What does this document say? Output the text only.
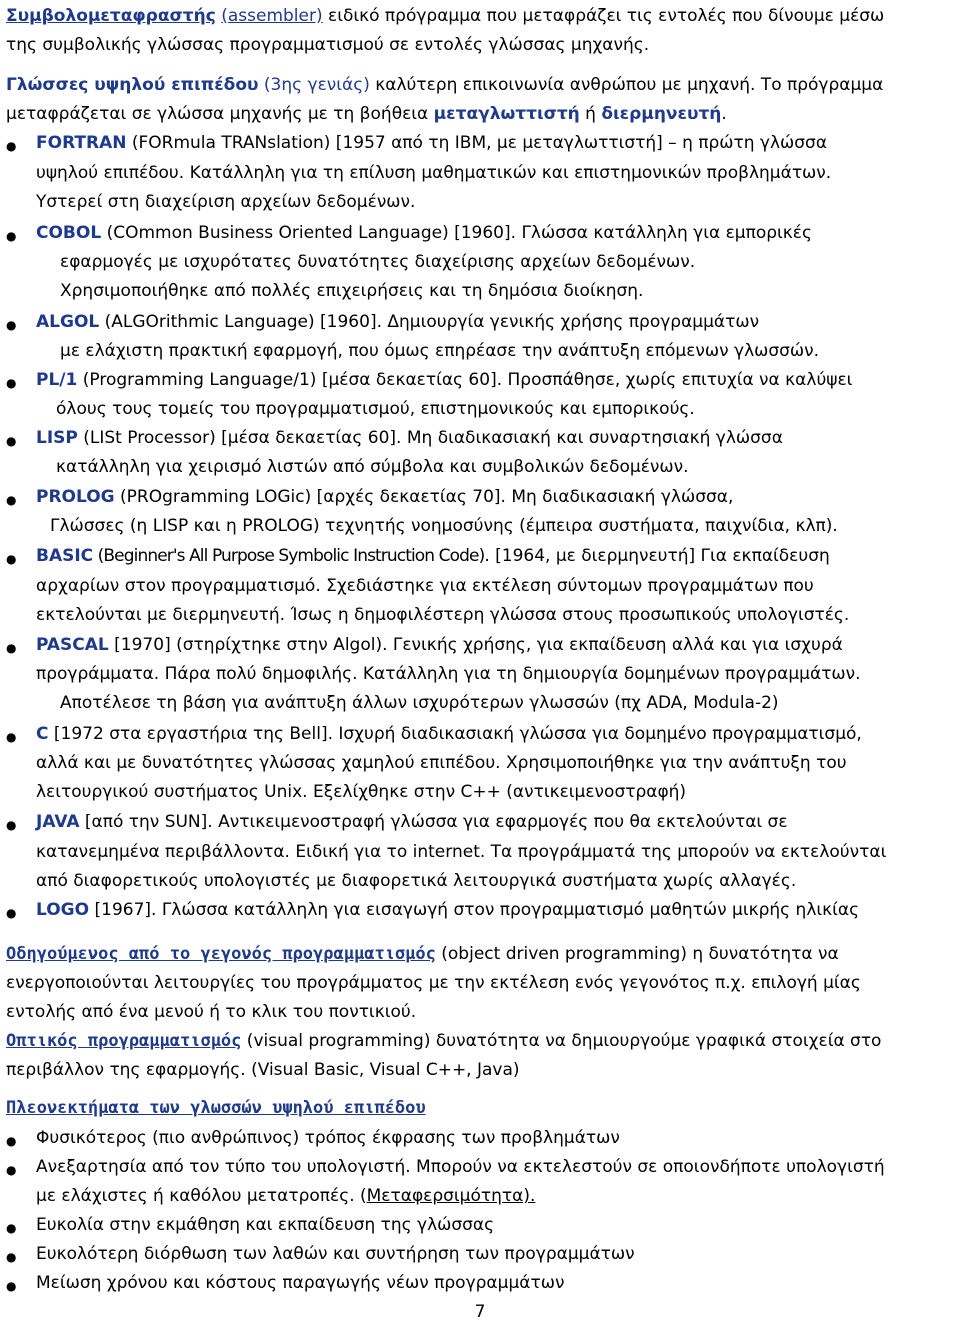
Συμβολομεταφραστής (assembler) ειδικό πρόγραμμα που μεταφράζει τις εντολές που δίνουμε μέσω
της συμβολικής γλώσσας προγραμματισμού σε εντολές γλώσσας μηχανής.
Γλώσσες υψηλού επιπέδου (3ης γενιάς) καλύτερη επικοινωνία ανθρώπου με μηχανή. Το πρόγραμμα
μεταφράζεται σε γλώσσα μηχανής με τη βοήθεια μεταγλωττιστή ή διερμηνευτή.
● FORTRAN (FORmula TRANslation) [1957 από τη IBM, με μεταγλωττιστή] – η πρώτη γλώσσα
υψηλού επιπέδου. Κατάλληλη για τη επίλυση μαθηματικών και επιστημονικών προβλημάτων.
Υστερεί στη διαχείριση αρχείων δεδομένων.
● COBOL (COmmon Business Oriented Language) [1960]. Γλώσσα κατάλληλη για εμπορικές
εφαρμογές με ισχυρότατες δυνατότητες διαχείρισης αρχείων δεδομένων.
Χρησιμοποιήθηκε από πολλές επιχειρήσεις και τη δημόσια διοίκηση.
● ALGOL (ALGOrithmic Language) [1960]. Δημιουργία γενικής χρήσης προγραμμάτων
με ελάχιστη πρακτική εφαρμογή, που όμως επηρέασε την ανάπτυξη επόμενων γλωσσών.
● PL/1 (Programming Language/1) [μέσα δεκαετίας 60]. Προσπάθησε, χωρίς επιτυχία να καλύψει
όλους τους τομείς του προγραμματισμού, επιστημονικούς και εμπορικούς.
● LISP (LISt Processor) [μέσα δεκαετίας 60]. Μη διαδικασιακή και συναρτησιακή γλώσσα
κατάλληλη για χειρισμό λιστών από σύμβολα και συμβολικών δεδομένων.
● PROLOG (PROgramming LOGic) [αρχές δεκαετίας 70]. Μη διαδικασιακή γλώσσα,
Γλώσσες (η LISP και η PROLOG) τεχνητής νοημοσύνης (έμπειρα συστήματα, παιχνίδια, κλπ).
● BASIC (Beginner's All Purpose Symbolic Instruction Code). [1964, με διερμηνευτή] Για εκπαίδευση
αρχαρίων στον προγραμματισμό. Σχεδιάστηκε για εκτέλεση σύντομων προγραμμάτων που
εκτελούνται με διερμηνευτή. Ίσως η δημοφιλέστερη γλώσσα στους προσωπικούς υπολογιστές.
● PASCAL [1970] (στηρίχτηκε στην Algol). Γενικής χρήσης, για εκπαίδευση αλλά και για ισχυρά
προγράμματα. Πάρα πολύ δημοφιλής. Κατάλληλη για τη δημιουργία δομημένων προγραμμάτων.
Αποτέλεσε τη βάση για ανάπτυξη άλλων ισχυρότερων γλωσσών (πχ ADA, Modula-2)
● C [1972 στα εργαστήρια της Bell]. Ισχυρή διαδικασιακή γλώσσα για δομημένο προγραμματισμό,
αλλά και με δυνατότητες γλώσσας χαμηλού επιπέδου. Χρησιμοποιήθηκε για την ανάπτυξη του
λειτουργικού συστήματος Unix. Εξελίχθηκε στην C++ (αντικειμενοστραφή)
● JAVA [από την SUN]. Αντικειμενοστραφή γλώσσα για εφαρμογές που θα εκτελούνται σε
κατανεμημένα περιβάλλοντα. Ειδική για το internet. Τα προγράμματά της μπορούν να εκτελούνται
από διαφορετικούς υπολογιστές με διαφορετικά λειτουργικά συστήματα χωρίς αλλαγές.
● LOGO [1967]. Γλώσσα κατάλληλη για εισαγωγή στον προγραμματισμό μαθητών μικρής ηλικίας
Οδηγούμενος από το γεγονός προγραμματισμός (object driven programming) η δυνατότητα να
ενεργοποιούνται λειτουργίες του προγράμματος με την εκτέλεση ενός γεγονότος π.χ. επιλογή μίας
εντολής από ένα μενού ή το κλικ του ποντικιού.
Οπτικός προγραμματισμός (visual programming) δυνατότητα να δημιουργούμε γραφικά στοιχεία στο
περιβάλλον της εφαρμογής. (Visual Basic, Visual C++, Java)
Πλεονεκτήματα των γλωσσών υψηλού επιπέδου
● Φυσικότερος (πιο ανθρώπινος) τρόπος έκφρασης των προβλημάτων
● Ανεξαρτησία από τον τύπο του υπολογιστή. Μπορούν να εκτελεστούν σε οποιονδήποτε υπολογιστή
με ελάχιστες ή καθόλου μετατροπές. (Μεταφερσιμότητα).
● Ευκολία στην εκμάθηση και εκπαίδευση της γλώσσας
● Ευκολότερη διόρθωση των λαθών και συντήρηση των προγραμμάτων
● Μείωση χρόνου και κόστους παραγωγής νέων προγραμμάτων
7
